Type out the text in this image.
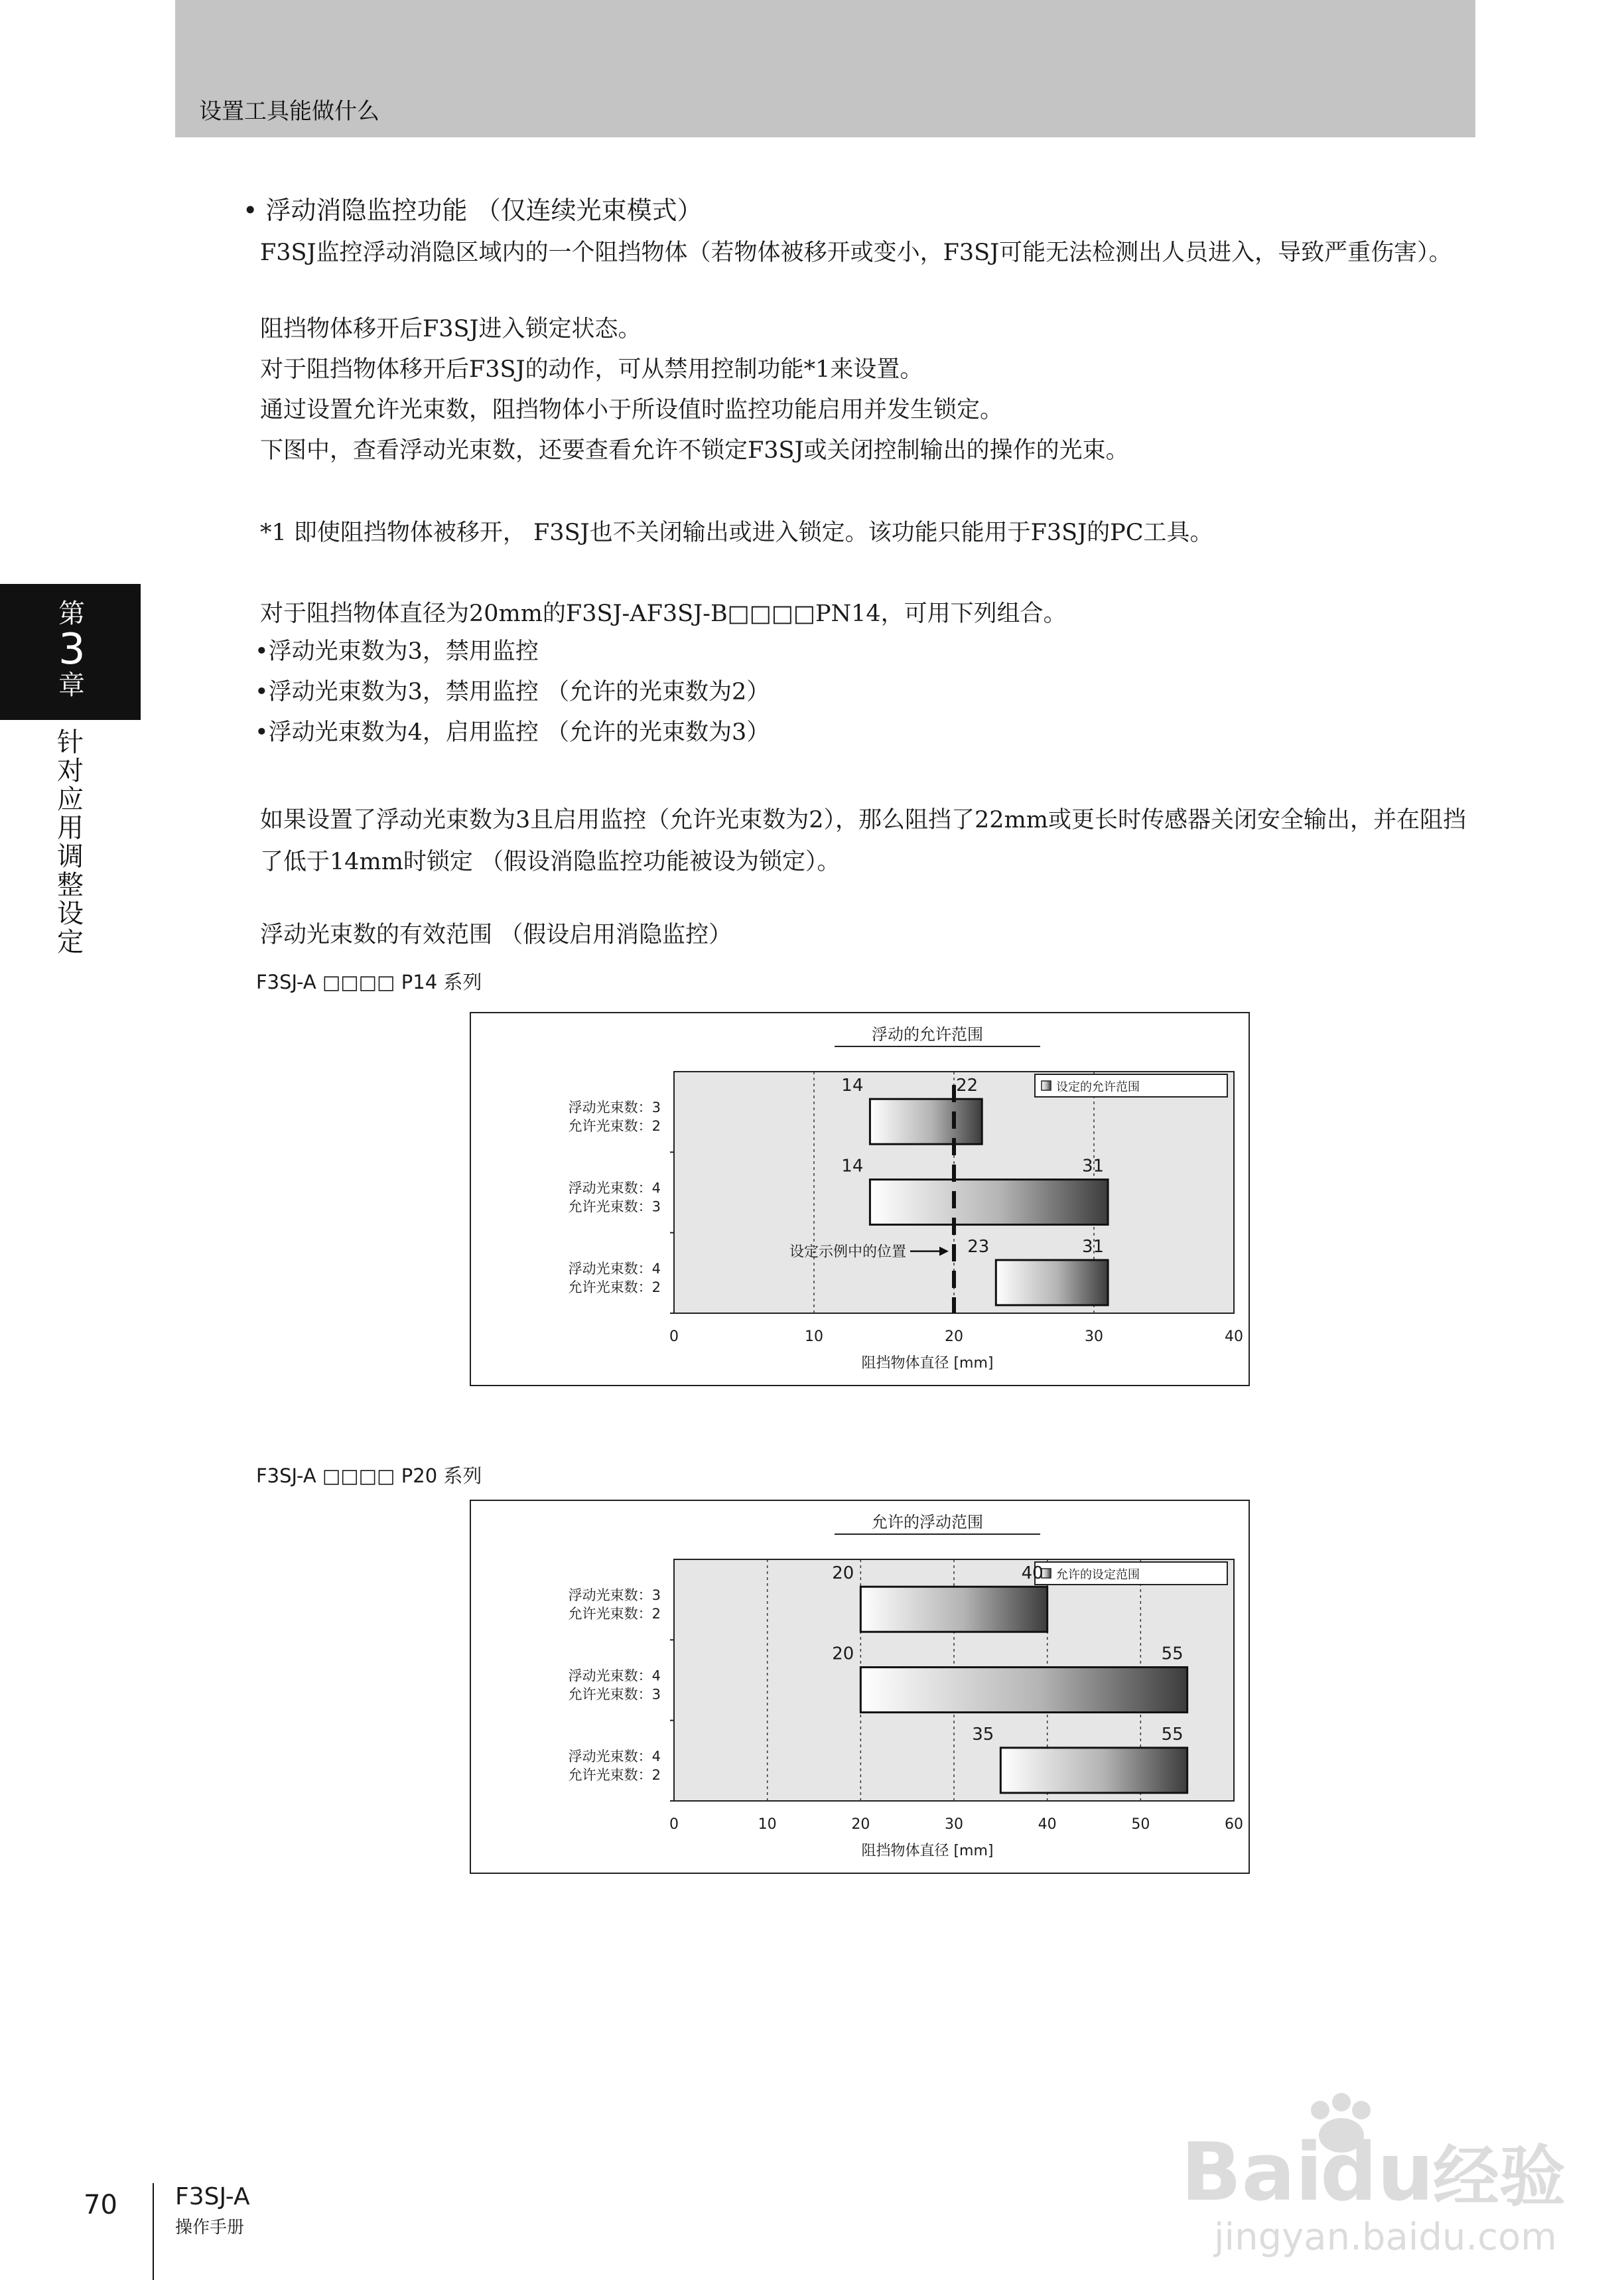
设置工具能做什么
第
3
章
针对应用调整设定
• 浮动消隐监控功能 （仅连续光束模式）
F3SJ监控浮动消隐区域内的一个阻挡物体（若物体被移开或变小，F3SJ可能无法检测出人员进入，导致严重伤害）。
阻挡物体移开后F3SJ进入锁定状态。
对于阻挡物体移开后F3SJ的动作，可从禁用控制功能*1来设置。
通过设置允许光束数，阻挡物体小于所设值时监控功能启用并发生锁定。
下图中，查看浮动光束数，还要查看允许不锁定F3SJ或关闭控制输出的操作的光束。
*1 即使阻挡物体被移开， F3SJ也不关闭输出或进入锁定。该功能只能用于F3SJ的PC工具。
对于阻挡物体直径为20mm的F3SJ-AF3SJ-B□□□□PN14，可用下列组合。
•浮动光束数为3，禁用监控
•浮动光束数为3，禁用监控 （允许的光束数为2）
•浮动光束数为4，启用监控 （允许的光束数为3）
如果设置了浮动光束数为3且启用监控（允许光束数为2），那么阻挡了22mm或更长时传感器关闭安全输出，并在阻挡了低于14mm时锁定 （假设消隐监控功能被设为锁定）。
浮动光束数的有效范围 （假设启用消隐监控）
F3SJ-A □□□□ P14 系列
浮动的允许范围
0	10	20	30	40
阻挡物体直径 [mm]
设定的允许范围
14	22
浮动光束数：3
允许光束数：2
14	31
浮动光束数：4
允许光束数：3
23	31
浮动光束数：4
允许光束数：2
设定示例中的位置
F3SJ-A □□□□ P20 系列
允许的浮动范围
0	10	20	30	40	50	60
阻挡物体直径 [mm]
允许的设定范围
20	40
浮动光束数：3
允许光束数：2
20	55
浮动光束数：4
允许光束数：3
35	55
浮动光束数：4
允许光束数：2
70 F3SJ-A
操作手册
Bai
du
经验
jingyan.baidu.com
